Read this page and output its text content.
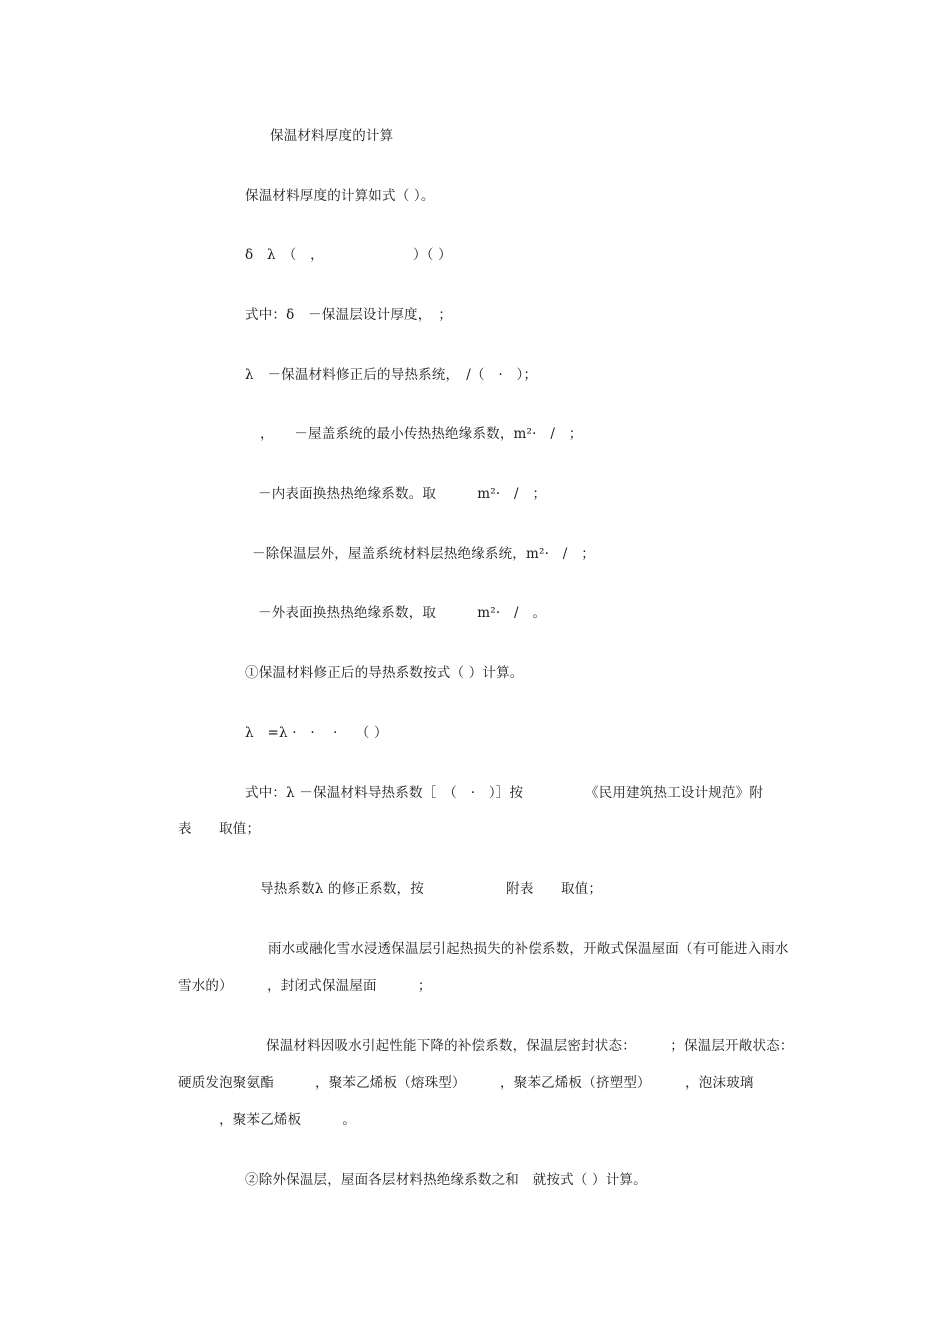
保温材料厚度的计算
保温材料厚度的计算如式（ ）。
δ　λ　（　，　　　　　　　）（ ）
式中：δ　－保温层设计厚度，　；
λ　－保温材料修正后的导热系统，　/（　·　）；
，　　－屋盖系统的最小传热热绝缘系数，m²·　/　；
－内表面换热热绝缘系数。取　　　m²·　/　；
－除保温层外，屋盖系统材料层热绝缘系统，m²·　/　；
－外表面换热热绝缘系数，取　　　m²·　/　。
①保温材料修正后的导热系数按式（ ）计算。
λ　=λ ·　·　 ·　 （ ）
式中：λ －保温材料导热系数［　（　·　）］按　　　　　《民用建筑热工设计规范》附
表　　取值；
导热系数λ 的修正系数，按　　　　　　附表　　取值；
雨水或融化雪水浸透保温层引起热损失的补偿系数，开敞式保温屋面（有可能进入雨水
雪水的）　　　，封闭式保温屋面　　　；
保温材料因吸水引起性能下降的补偿系数，保温层密封状态：　　　；保温层开敞状态：
硬质发泡聚氨酯　　　，聚苯乙烯板（熔珠型）　　　，聚苯乙烯板（挤塑型）　　　，泡沫玻璃
　　　，聚苯乙烯板　　　。
②除外保温层，屋面各层材料热绝缘系数之和　就按式（ ）计算。
